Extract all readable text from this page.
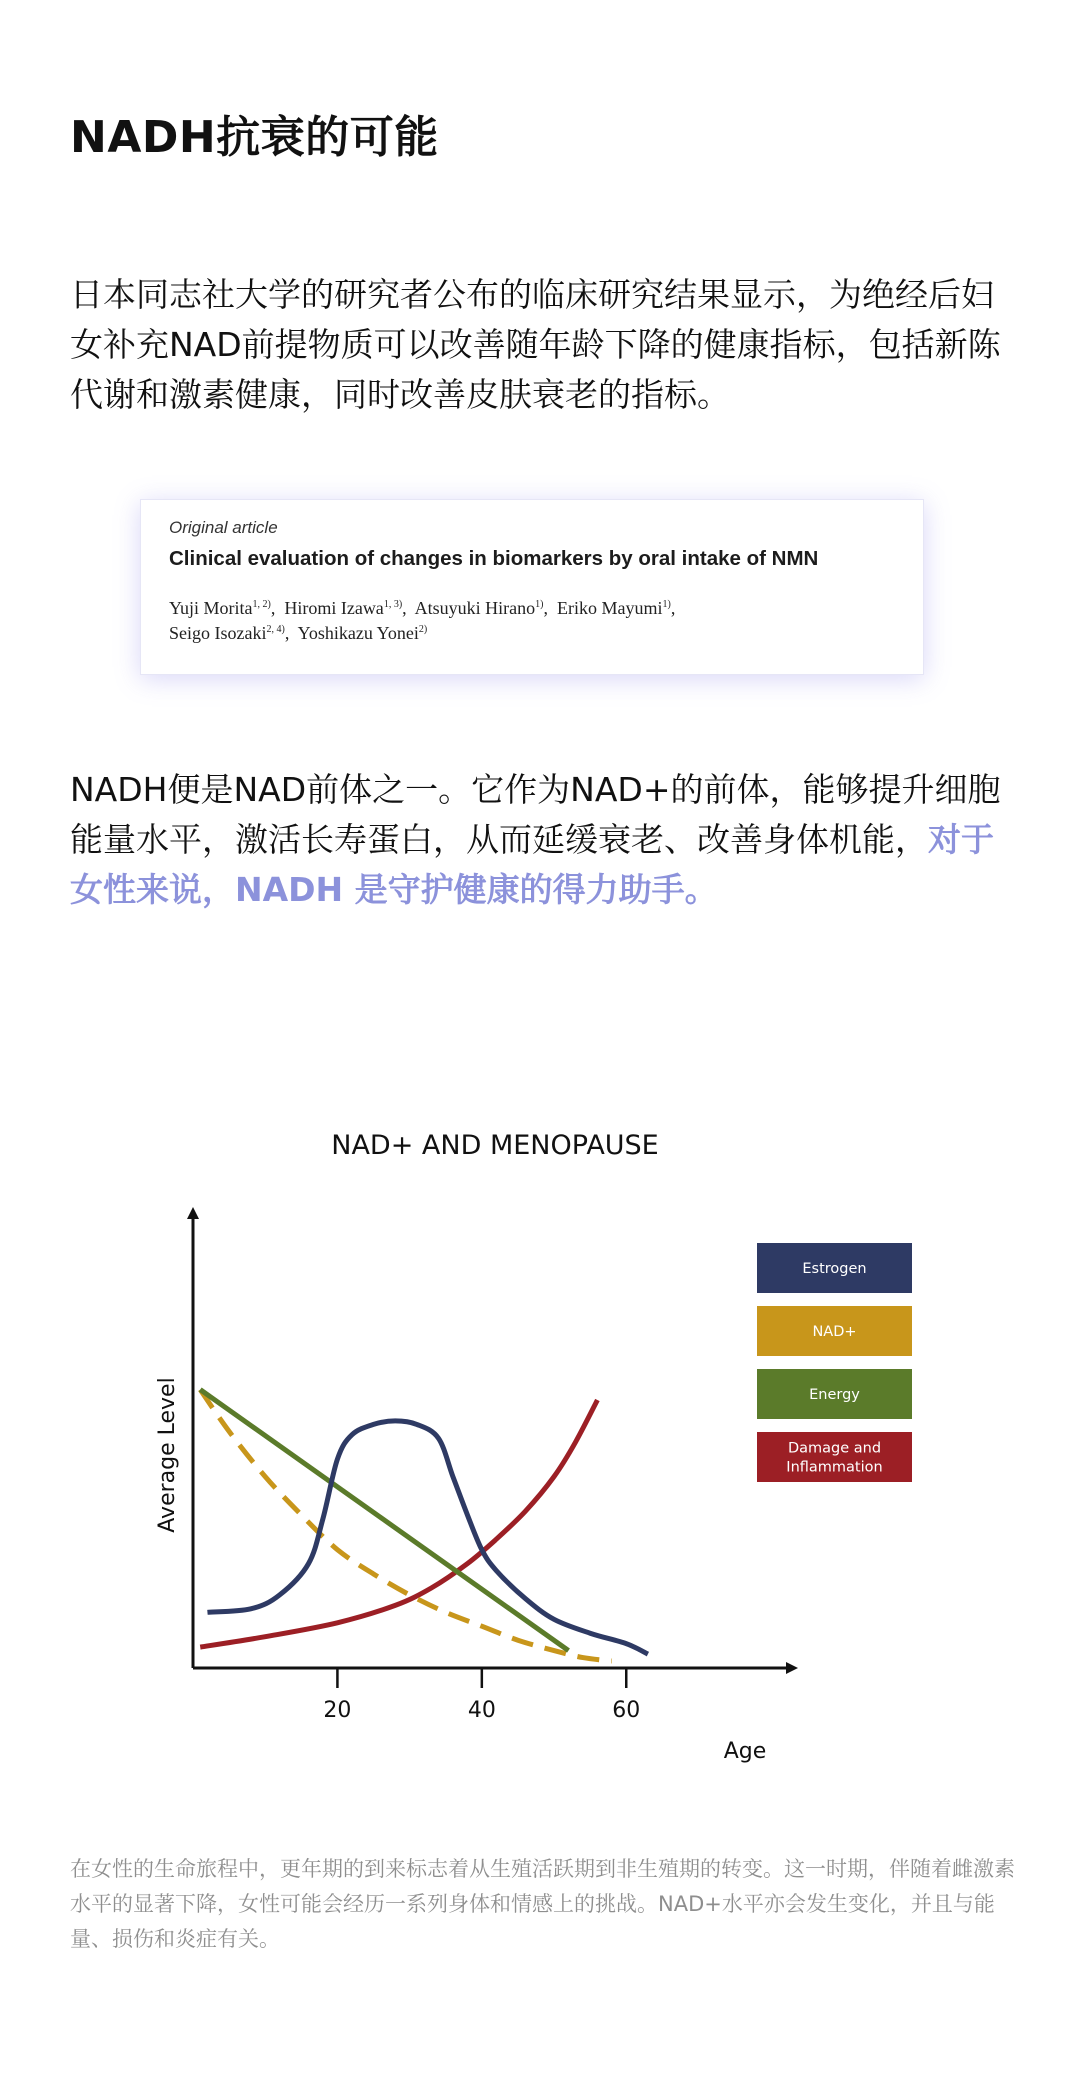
NADH抗衰的可能
日本同志社大学的研究者公布的临床研究结果显示，为绝经后妇女补充NAD前提物质可以改善随年龄下降的健康指标，包括新陈代谢和激素健康，同时改善皮肤衰老的指标。
Original article
Clinical evaluation of changes in biomarkers by oral intake of NMN
Yuji Morita$^{1, 2)}$,  Hiromi Izawa$^{1, 3)}$,  Atsuyuki Hirano$^{1)}$,  Eriko Mayumi$^{1)}$,
Seigo Isozaki$^{2, 4)}$,  Yoshikazu Yonei$^{2)}$
NADH便是NAD前体之一。它作为NAD+的前体，能够提升细胞能量水平，激活长寿蛋白，从而延缓衰老、改善身体机能，对于女性来说，NADH 是守护健康的得力助手。
NAD+ AND MENOPAUSE
Average Level
Age
20	40	60
Estrogen
NAD+
Energy
Damage and Inflammation
在女性的生命旅程中，更年期的到来标志着从生殖活跃期到非生殖期的转变。这一时期，伴随着雌激素水平的显著下降，女性可能会经历一系列身体和情感上的挑战。NAD+水平亦会发生变化，并且与能量、损伤和炎症有关。
